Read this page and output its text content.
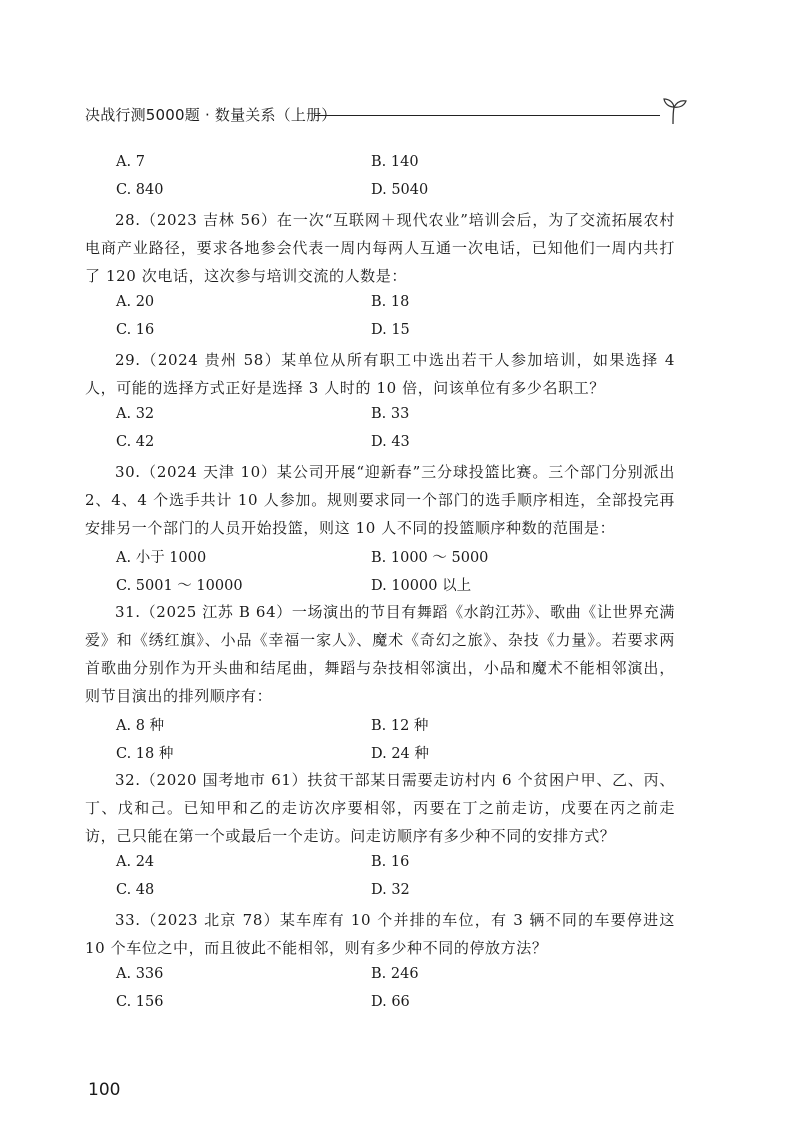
决战行测5000题 · 数量关系（上册）
A. 7	B. 140
C. 840	D. 5040

28.（2023 吉林 56）在一次“互联网＋现代农业”培训会后，为了交流拓展农村电商产业路径，要求各地参会代表一周内每两人互通一次电话，已知他们一周内共打了 120 次电话，这次参与培训交流的人数是：

A. 20	B. 18
C. 16	D. 15

29.（2024 贵州 58）某单位从所有职工中选出若干人参加培训，如果选择 4 人，可能的选择方式正好是选择 3 人时的 10 倍，问该单位有多少名职工？

A. 32	B. 33
C. 42	D. 43

30.（2024 天津 10）某公司开展“迎新春”三分球投篮比赛。三个部门分别派出 2、4、4 个选手共计 10 人参加。规则要求同一个部门的选手顺序相连，全部投完再安排另一个部门的人员开始投篮，则这 10 人不同的投篮顺序种数的范围是：

A. 小于 1000	B. 1000 ～ 5000
C. 5001 ～ 10000	D. 10000 以上

31.（2025 江苏 B 64）一场演出的节目有舞蹈《水韵江苏》、歌曲《让世界充满爱》和《绣红旗》、小品《幸福一家人》、魔术《奇幻之旅》、杂技《力量》。若要求两首歌曲分别作为开头曲和结尾曲，舞蹈与杂技相邻演出，小品和魔术不能相邻演出，则节目演出的排列顺序有：

A. 8 种	B. 12 种
C. 18 种	D. 24 种

32.（2020 国考地市 61）扶贫干部某日需要走访村内 6 个贫困户甲、乙、丙、丁、戊和己。已知甲和乙的走访次序要相邻，丙要在丁之前走访，戊要在丙之前走访，己只能在第一个或最后一个走访。问走访顺序有多少种不同的安排方式？

A. 24	B. 16
C. 48	D. 32

33.（2023 北京 78）某车库有 10 个并排的车位，有 3 辆不同的车要停进这 10 个车位之中，而且彼此不能相邻，则有多少种不同的停放方法？

A. 336	B. 246
C. 156	D. 66
100
